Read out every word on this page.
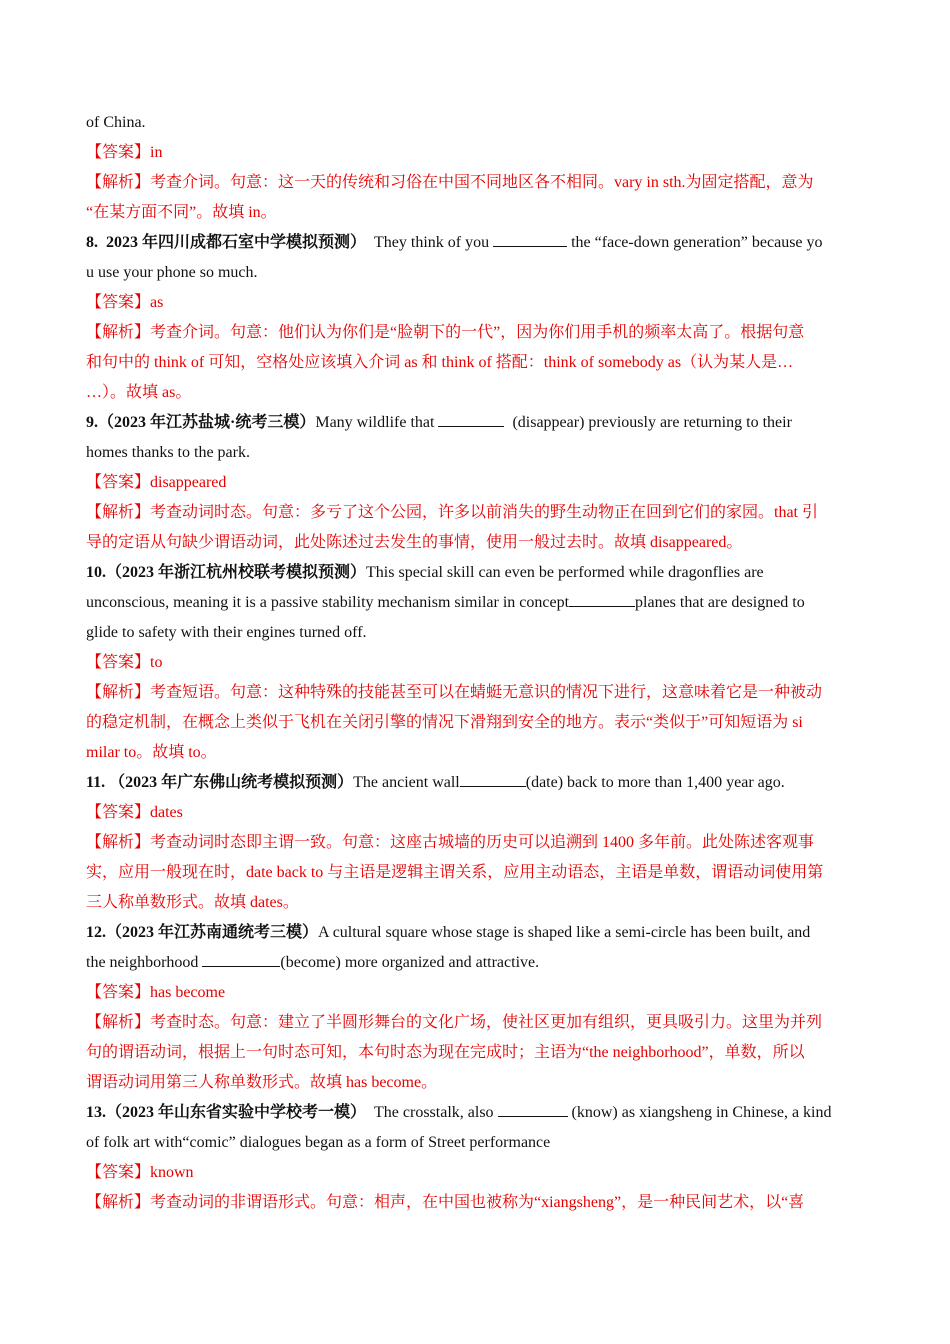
of China.
【答案】in
【解析】考查介词。句意：这一天的传统和习俗在中国不同地区各不相同。vary in sth.为固定搭配，意为
“在某方面不同”。故填 in。
8.  2023 年四川成都石室中学模拟预测）  They think of you	the “face-down generation” because yo
u use your phone so much.
【答案】as
【解析】考查介词。句意：他们认为你们是“脸朝下的一代”，因为你们用手机的频率太高了。根据句意
和句中的 think of 可知，空格处应该填入介词 as 和 think of 搭配：think of somebody as（认为某人是…
…）。故填 as。
9.（2023 年江苏盐城·统考三模）Many wildlife that	(disappear) previously are returning to their
homes thanks to the park.
【答案】disappeared
【解析】考查动词时态。句意：多亏了这个公园，许多以前消失的野生动物正在回到它们的家园。that 引
导的定语从句缺少谓语动词，此处陈述过去发生的事情，使用一般过去时。故填 disappeared。
10.（2023 年浙江杭州校联考模拟预测）This special skill can even be performed while dragonflies are
unconscious, meaning it is a passive stability mechanism similar in concept	planes that are designed to
glide to safety with their engines turned off.
【答案】to
【解析】考查短语。句意：这种特殊的技能甚至可以在蜻蜓无意识的情况下进行，这意味着它是一种被动
的稳定机制，在概念上类似于飞机在关闭引擎的情况下滑翔到安全的地方。表示“类似于”可知短语为 si
milar to。故填 to。
11. （2023 年广东佛山统考模拟预测）The ancient wall	(date) back to more than 1,400 year ago.
【答案】dates
【解析】考查动词时态即主谓一致。句意：这座古城墙的历史可以追溯到 1400 多年前。此处陈述客观事
实，应用一般现在时，date back to 与主语是逻辑主谓关系，应用主动语态，主语是单数，谓语动词使用第
三人称单数形式。故填 dates。
12.（2023 年江苏南通统考三模）A cultural square whose stage is shaped like a semi-circle has been built, and
the neighborhood	(become) more organized and attractive.
【答案】has become
【解析】考查时态。句意：建立了半圆形舞台的文化广场，使社区更加有组织，更具吸引力。这里为并列
句的谓语动词，根据上一句时态可知，本句时态为现在完成时；主语为“the neighborhood”，单数，所以
谓语动词用第三人称单数形式。故填 has become。
13.（2023 年山东省实验中学校考一模）  The crosstalk, also	(know) as xiangsheng in Chinese, a kind
of folk art with“comic” dialogues began as a form of Street performance
【答案】known
【解析】考查动词的非谓语形式。句意：相声，在中国也被称为“xiangsheng”，是一种民间艺术，以“喜
